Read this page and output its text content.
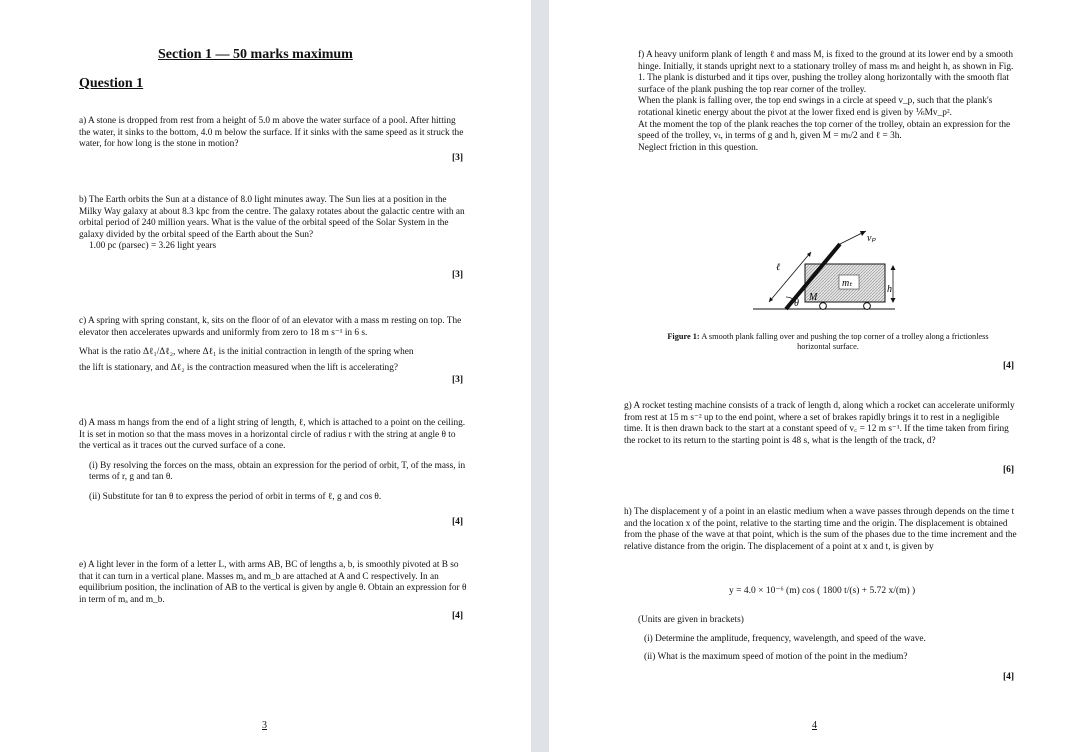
Section 1 — 50 marks maximum
Question 1

a) A stone is dropped from rest from a height of 5.0 m above the water surface of a pool. After hitting the water, it sinks to the bottom, 4.0 m below the surface. If it sinks with the same speed as it struck the water, for how long is the stone in motion?

[3]

b) The Earth orbits the Sun at a distance of 8.0 light minutes away. The Sun lies at a position in the Milky Way galaxy at about 8.3 kpc from the centre. The galaxy rotates about the galactic centre with an orbital period of 240 million years. What is the value of the orbital speed of the Solar System in the galaxy divided by the orbital speed of the Earth about the Sun?

1.00 pc (parsec) = 3.26 light years

[3]

c) A spring with spring constant, k, sits on the floor of of an elevator with a mass m resting on top. The elevator then accelerates upwards and uniformly from zero to 18 m s⁻¹ in 6 s.

What is the ratio Δℓ₁/Δℓ₂, where Δℓ₁ is the initial contraction in length of the spring when

the lift is stationary, and Δℓ₂ is the contraction measured when the lift is accelerating?

[3]

d) A mass m hangs from the end of a light string of length, ℓ, which is attached to a point on the ceiling. It is set in motion so that the mass moves in a horizontal circle of radius r with the string at angle θ to the vertical as it traces out the curved surface of a cone.

(i) By resolving the forces on the mass, obtain an expression for the period of orbit, T, of the mass, in terms of r, g and tan θ.

(ii) Substitute for tan θ to express the period of orbit in terms of ℓ, g and cos θ.

[4]

e) A light lever in the form of a letter L, with arms AB, BC of lengths a, b, is smoothly pivoted at B so that it can turn in a vertical plane. Masses mₐ and m_b are attached at A and C respectively. In an equilibrium position, the inclination of AB to the vertical is given by angle θ. Obtain an expression for θ in term of mₐ and m_b.

[4]
3

f) A heavy uniform plank of length ℓ and mass M, is fixed to the ground at its lower end by a smooth hinge. Initially, it stands upright next to a stationary trolley of mass mₜ and height h, as shown in Fig. 1. The plank is disturbed and it tips over, pushing the trolley along horizontally with the smooth flat surface of the plank pushing the top rear corner of the trolley.

When the plank is falling over, the top end swings in a circle at speed v_p, such that the plank's rotational kinetic energy about the pivot at the lower fixed end is given by ⅙Mv_p².

At the moment the top of the plank reaches the top corner of the trolley, obtain an expression for the speed of the trolley, vₜ, in terms of g and h, given M = mₜ/2 and ℓ = 3h.

Neglect friction in this question.

mₜ
M
vₚ
ℓ
h
θ
Figure 1: A smooth plank falling over and pushing the top corner of a trolley along a frictionless horizontal surface.
[4]

g) A rocket testing machine consists of a track of length d, along which a rocket can accelerate uniformly from rest at 15 m s⁻² up to the end point, where a set of brakes rapidly brings it to rest in a negligible time. It is then drawn back to the start at a constant speed of v꜀ = 12 m s⁻¹. If the time taken from firing the rocket to its return to the starting point is 48 s, what is the length of the track, d?

[6]

h) The displacement y of a point in an elastic medium when a wave passes through depends on the time t and the location x of the point, relative to the starting time and the origin. The displacement is obtained from the phase of the wave at that point, which is the sum of the phases due to the time increment and the relative distance from the origin. The displacement of a point at x and t, is given by

y = 4.0 × 10⁻⁶ (m) cos ( 1800 t/(s) + 5.72 x/(m) )

(Units are given in brackets)

(i) Determine the amplitude, frequency, wavelength, and speed of the wave.

(ii) What is the maximum speed of motion of the point in the medium?

[4]
4
